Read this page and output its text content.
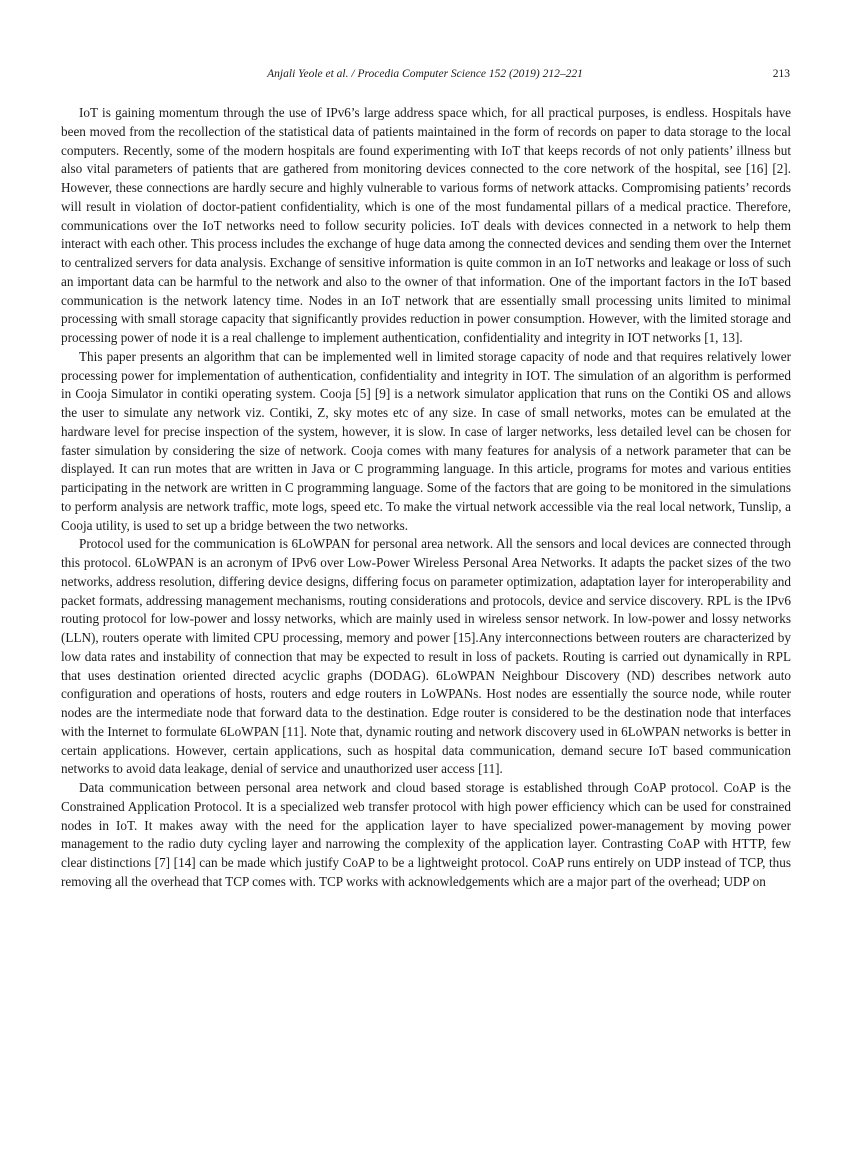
Anjali Yeole et al. / Procedia Computer Science 152 (2019) 212–221	213

IoT is gaining momentum through the use of IPv6’s large address space which, for all practical purposes, is endless. Hospitals have been moved from the recollection of the statistical data of patients maintained in the form of records on paper to data storage to the local computers. Recently, some of the modern hospitals are found experimenting with IoT that keeps records of not only patients’ illness but also vital parameters of patients that are gathered from monitoring devices connected to the core network of the hospital, see [16] [2]. However, these connections are hardly secure and highly vulnerable to various forms of network attacks. Compromising patients’ records will result in violation of doctor-patient confidentiality, which is one of the most fundamental pillars of a medical practice. Therefore, communications over the IoT networks need to follow security policies. IoT deals with devices connected in a network to help them interact with each other. This process includes the exchange of huge data among the connected devices and sending them over the Internet to centralized servers for data analysis. Exchange of sensitive information is quite common in an IoT networks and leakage or loss of such an important data can be harmful to the network and also to the owner of that information. One of the important factors in the IoT based communication is the network latency time. Nodes in an IoT network that are essentially small processing units limited to minimal processing with small storage capacity that significantly provides reduction in power consumption. However, with the limited storage and processing power of node it is a real challenge to implement authentication, confidentiality and integrity in IOT networks [1, 13].

This paper presents an algorithm that can be implemented well in limited storage capacity of node and that requires relatively lower processing power for implementation of authentication, confidentiality and integrity in IOT. The simulation of an algorithm is performed in Cooja Simulator in contiki operating system. Cooja [5] [9] is a network simulator application that runs on the Contiki OS and allows the user to simulate any network viz. Contiki, Z, sky motes etc of any size. In case of small networks, motes can be emulated at the hardware level for precise inspection of the system, however, it is slow. In case of larger networks, less detailed level can be chosen for faster simulation by considering the size of network. Cooja comes with many features for analysis of a network parameter that can be displayed. It can run motes that are written in Java or C programming language. In this article, programs for motes and various entities participating in the network are written in C programming language. Some of the factors that are going to be monitored in the simulations to perform analysis are network traffic, mote logs, speed etc. To make the virtual network accessible via the real local network, Tunslip, a Cooja utility, is used to set up a bridge between the two networks.

Protocol used for the communication is 6LoWPAN for personal area network. All the sensors and local devices are connected through this protocol. 6LoWPAN is an acronym of IPv6 over Low-Power Wireless Personal Area Networks. It adapts the packet sizes of the two networks, address resolution, differing device designs, differing focus on parameter optimization, adaptation layer for interoperability and packet formats, addressing management mechanisms, routing considerations and protocols, device and service discovery. RPL is the IPv6 routing protocol for low-power and lossy networks, which are mainly used in wireless sensor network. In low-power and lossy networks (LLN), routers operate with limited CPU processing, memory and power [15].Any interconnections between routers are characterized by low data rates and instability of connection that may be expected to result in loss of packets. Routing is carried out dynamically in RPL that uses destination oriented directed acyclic graphs (DODAG). 6LoWPAN Neighbour Discovery (ND) describes network auto configuration and operations of hosts, routers and edge routers in LoWPANs. Host nodes are essentially the source node, while router nodes are the intermediate node that forward data to the destination. Edge router is considered to be the destination node that interfaces with the Internet to formulate 6LoWPAN [11]. Note that, dynamic routing and network discovery used in 6LoWPAN networks is better in certain applications. However, certain applications, such as hospital data communication, demand secure IoT based communication networks to avoid data leakage, denial of service and unauthorized user access [11].

Data communication between personal area network and cloud based storage is established through CoAP protocol. CoAP is the Constrained Application Protocol. It is a specialized web transfer protocol with high power efficiency which can be used for constrained nodes in IoT. It makes away with the need for the application layer to have specialized power-management by moving power management to the radio duty cycling layer and narrowing the complexity of the application layer. Contrasting CoAP with HTTP, few clear distinctions [7] [14] can be made which justify CoAP to be a lightweight protocol. CoAP runs entirely on UDP instead of TCP, thus removing all the overhead that TCP comes with. TCP works with acknowledgements which are a major part of the overhead; UDP on
